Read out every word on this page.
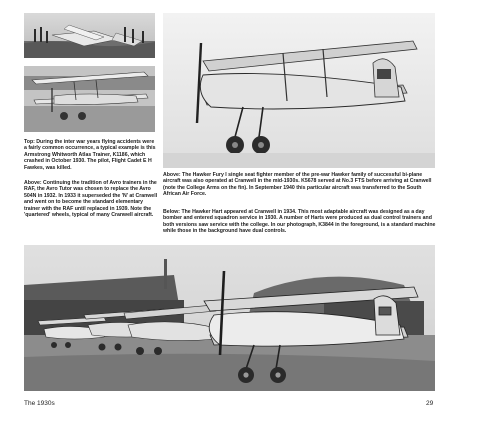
Top: During the inter war years flying accidents were a fairly common occurrence, a typical example is this Armstrong Whitworth Atlas Trainer, K1186, which crashed in October 1930. The pilot, Flight Cadet E H Fawkes, was killed.

Above: Continuing the tradition of Avro trainers in the RAF, the Avro Tutor was chosen to replace the Avro 504N in 1932. In 1933 it superseded the 'N' at Cranwell and went on to become the standard elementary trainer with the RAF until replaced in 1939. Note the 'quartered' wheels, typical of many Cranwell aircraft.

Above: The Hawker Fury I single seat fighter member of the pre-war Hawker family of successful bi-plane aircraft was also operated at Cranwell in the mid-1930s. K5678 served at No.3 FTS before arriving at Cranwell (note the College Arms on the fin). In September 1940 this particular aircraft was transferred to the South African Air Force.

Below: The Hawker Hart appeared at Cranwell in 1934. This most adaptable aircraft was designed as a day bomber and entered squadron service in 1930. A number of Harts were produced as dual control trainers and both versions saw service with the college. In our photograph, K3844 in the foreground, is a standard machine while those in the background have dual controls.

The 1930s	29
